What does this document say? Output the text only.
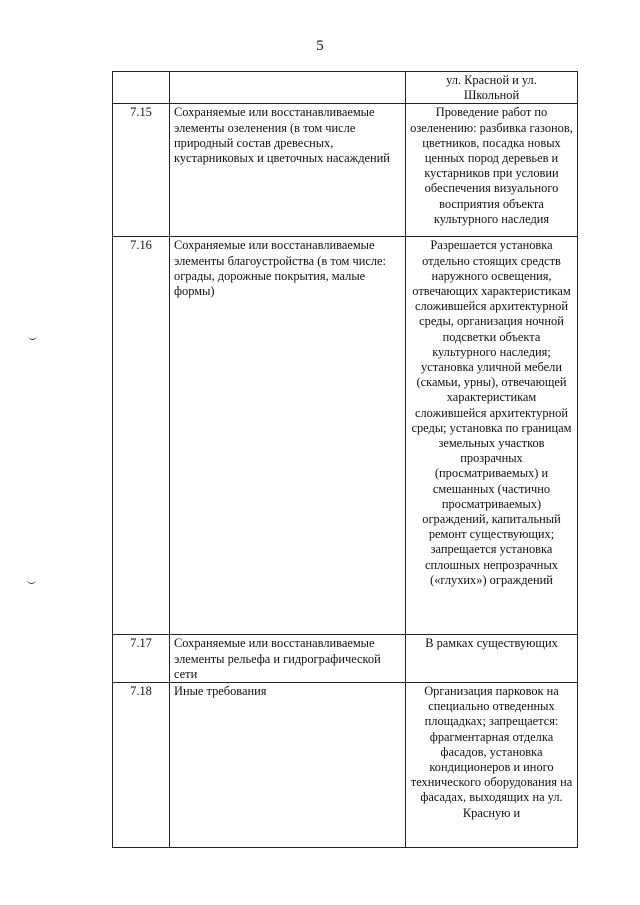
5
		ул. Красной и ул. Школьной
7.15	Сохраняемые или восстанавливаемые элементы озеленения (в том числе природный состав древесных, кустарниковых и цветочных насаждений	Проведение работ по озеленению: разбивка газонов, цветников, посадка новых ценных пород деревьев и кустарников при условии обеспечения визуального восприятия объекта культурного наследия
7.16	Сохраняемые или восстанавливаемые элементы благоустройства (в том числе: ограды, дорожные покрытия, малые формы)	Разрешается установка отдельно стоящих средств наружного освещения, отвечающих характеристикам сложившейся архитектурной среды, организация ночной подсветки объекта культурного наследия; установка уличной мебели (скамьи, урны), отвечающей характеристикам сложившейся архитектурной среды; установка по границам земельных участков прозрачных (просматриваемых) и смешанных (частично просматриваемых) ограждений, капитальный ремонт существующих; запрещается установка сплошных непрозрачных («глухих») ограждений
7.17	Сохраняемые или восстанавливаемые элементы рельефа и гидрографической сети	В рамках существующих
7.18	Иные требования	Организация парковок на специально отведенных площадках; запрещается: фрагментарная отделка фасадов, установка кондиционеров и иного технического оборудования на фасадах, выходящих на ул. Красную и
